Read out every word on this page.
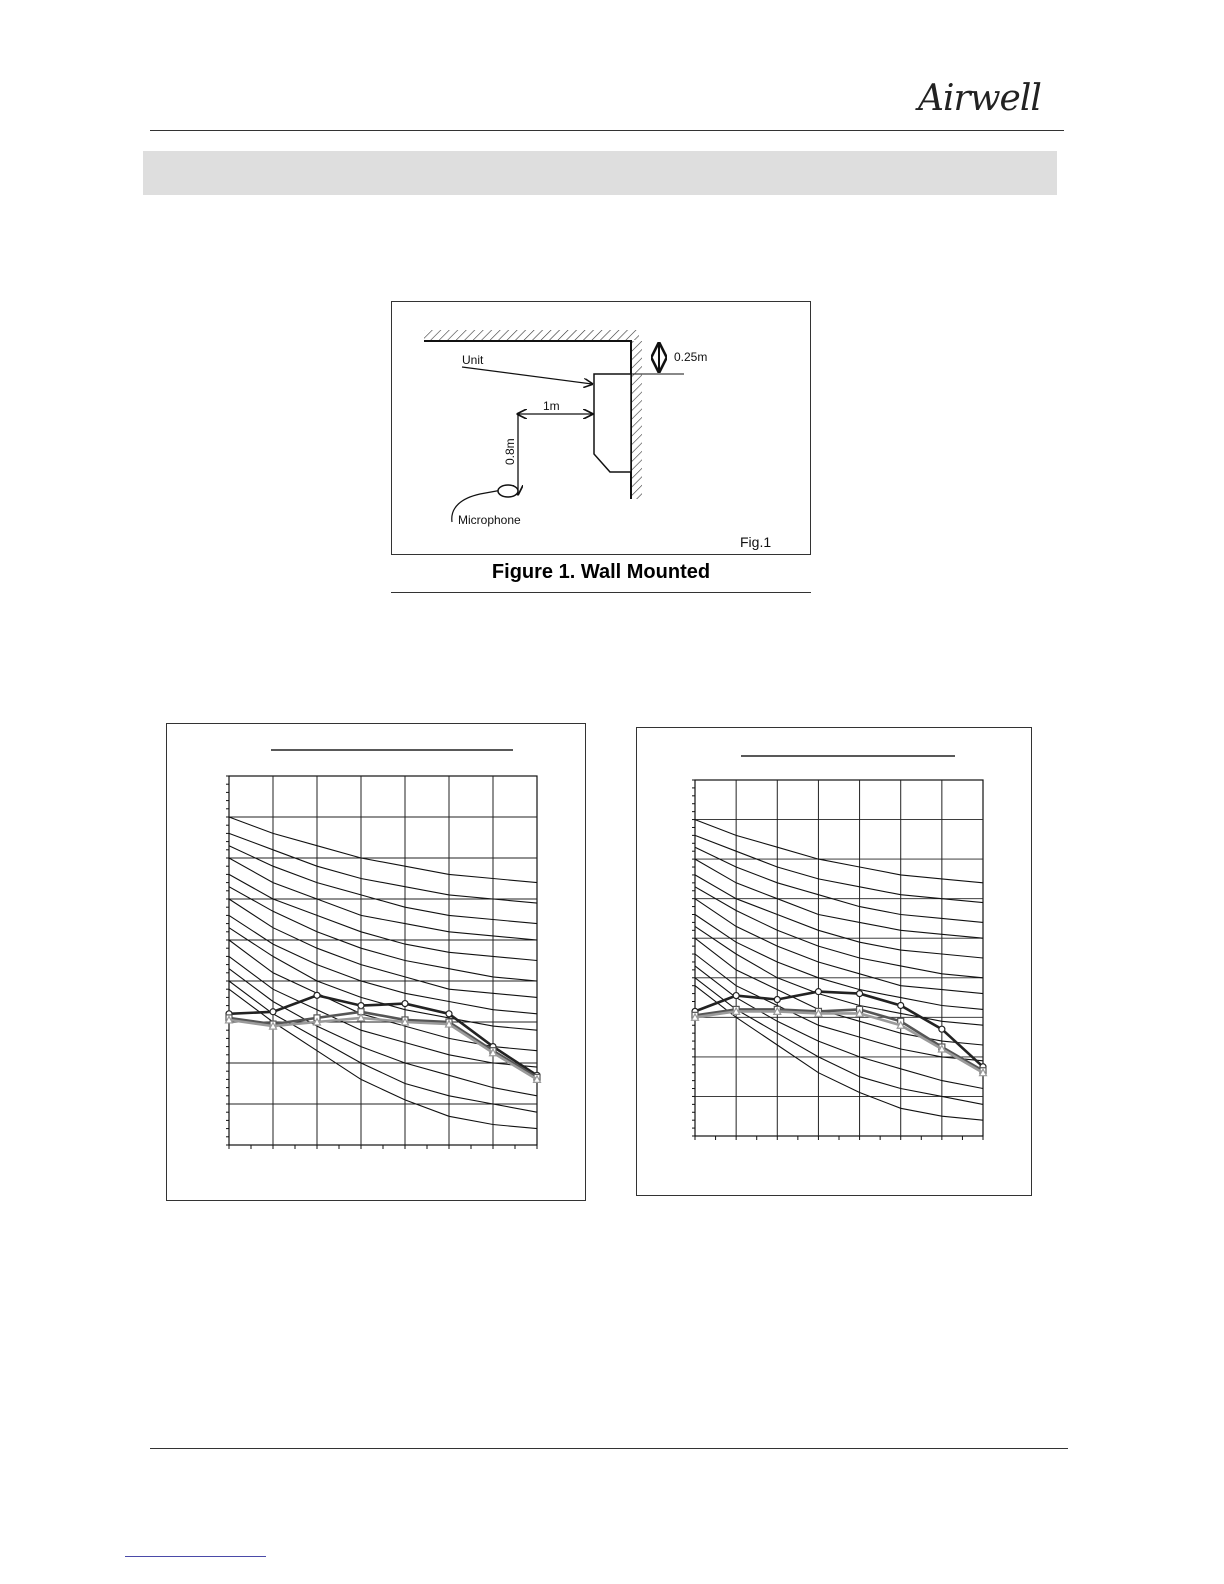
Airwell
0.25m
Unit
1m
0.8m
Microphone
Fig.1
Figure 1. Wall Mounted
